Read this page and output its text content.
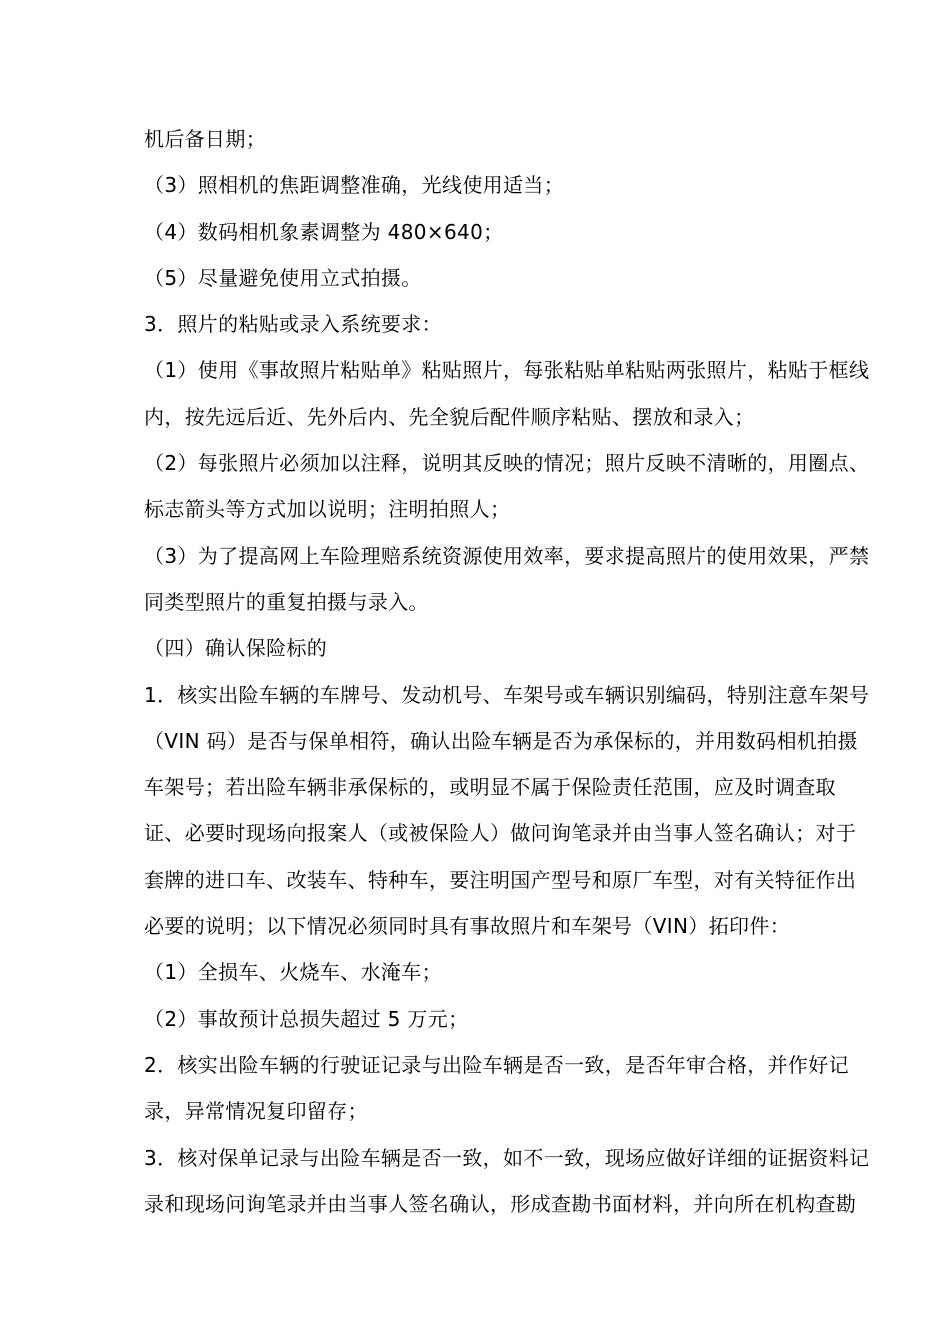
机后备日期；
（3）照相机的焦距调整准确，光线使用适当；
（4）数码相机象素调整为 480×640；
（5）尽量避免使用立式拍摄。
3．照片的粘贴或录入系统要求：
（1）使用《事故照片粘贴单》粘贴照片，每张粘贴单粘贴两张照片，粘贴于框线
内，按先远后近、先外后内、先全貌后配件顺序粘贴、摆放和录入；
（2）每张照片必须加以注释，说明其反映的情况；照片反映不清晰的，用圈点、
标志箭头等方式加以说明；注明拍照人；
（3）为了提高网上车险理赔系统资源使用效率，要求提高照片的使用效果，严禁
同类型照片的重复拍摄与录入。
（四）确认保险标的
1．核实出险车辆的车牌号、发动机号、车架号或车辆识别编码，特别注意车架号
（VIN 码）是否与保单相符，确认出险车辆是否为承保标的，并用数码相机拍摄
车架号；若出险车辆非承保标的，或明显不属于保险责任范围，应及时调查取
证、必要时现场向报案人（或被保险人）做问询笔录并由当事人签名确认；对于
套牌的进口车、改装车、特种车，要注明国产型号和原厂车型，对有关特征作出
必要的说明；以下情况必须同时具有事故照片和车架号（VIN）拓印件：
（1）全损车、火烧车、水淹车；
（2）事故预计总损失超过 5 万元；
2．核实出险车辆的行驶证记录与出险车辆是否一致，是否年审合格，并作好记
录，异常情况复印留存；
3．核对保单记录与出险车辆是否一致，如不一致，现场应做好详细的证据资料记
录和现场问询笔录并由当事人签名确认，形成查勘书面材料，并向所在机构查勘
